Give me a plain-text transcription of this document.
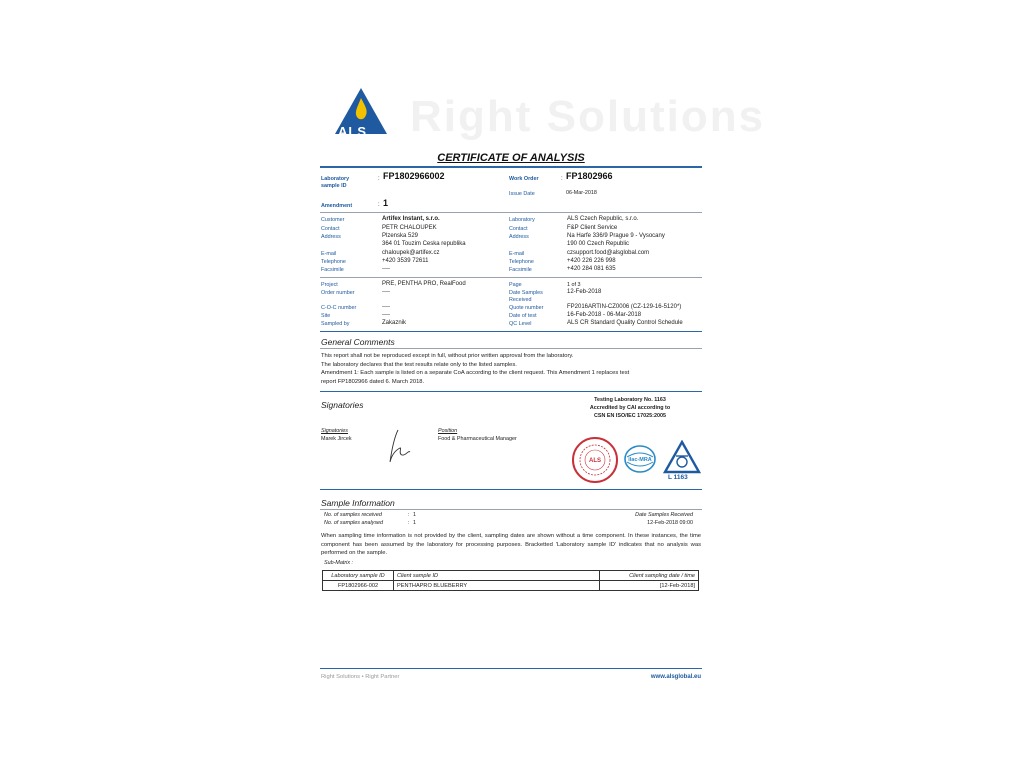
ALS Right Solutions
CERTIFICATE OF ANALYSIS
Laboratory
sample ID
: FP1802966002	Work Order	: FP1802966
Issue Date	06-Mar-2018
Amendment	: 1
Customer	Artifex Instant, s.r.o.
Contact	PETR CHALOUPEK
Address	Plzenska 529
364 01 Touzim Ceska republika
E-mail	chaloupek@artifex.cz
Telephone	+420 3539 72611
Facsimile	----
Laboratory	ALS Czech Republic, s.r.o.
Contact	F&P Client Service
Address	Na Harfe 336/9 Prague 9 - Vysocany
190 00 Czech Republic
E-mail	czsupport.food@alsglobal.com
Telephone	+420 226 226 998
Facsimile	+420 284 081 635
Project	PRE, PENTHA PRO, RealFood
Order number	----
C-O-C number	----
Site	----
Sampled by	Zakaznik
Page	1 of 3
Date Samples
Received
12-Feb-2018
Quote number	FP2016ARTIN-CZ0006 (CZ-129-16-5120*)
Date of test	16-Feb-2018 - 06-Mar-2018
QC Level	ALS CR Standard Quality Control Schedule
General Comments
This report shall not be reproduced except in full, without prior written approval from the laboratory.
The laboratory declares that the test results relate only to the listed samples.
Amendment 1: Each sample is listed on a separate CoA according to the client request. This Amendment 1 replaces test
report FP1802966 dated 6. March 2018.
Signatories	Testing Laboratory No. 1163
Accredited by CAI according to
CSN EN ISO/IEC 17025:2005
Signatories
Marek Jircek
Position
Food & Pharmaceutical Manager
ALS	ilac-MRA
L 1163
Sample Information
No. of samples received	: 1
No. of samples analysed	: 1
Date Samples Received
12-Feb-2018 09:00
When sampling time information is not provided by the client, sampling dates are shown without a time component. In these instances, the time component has been assumed by the laboratory for processing purposes. Bracketted 'Laboratory sample ID' indicates that no analysis was performed on the sample.
Sub-Matrix :
Laboratory sample ID	Client sample ID	Client sampling date / time
FP1802966-002	PENTHAPRO BLUEBERRY	[12-Feb-2018]
Right Solutions • Right Partner	www.alsglobal.eu
